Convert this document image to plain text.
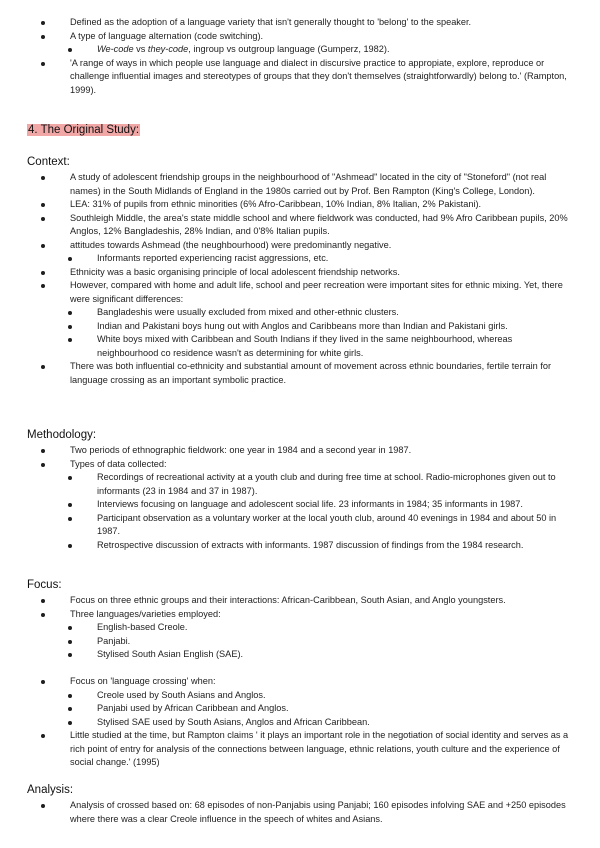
Defined as the adoption of a language variety that isn't generally thought to 'belong' to the speaker.
A type of language alternation (code switching).
We-code vs they-code, ingroup vs outgroup language (Gumperz, 1982).
'A range of ways in which people use language and dialect in discursive practice to appropiate, explore, reproduce or challenge influential images and stereotypes of groups that they don't themselves (straightforwardly) belong to.' (Rampton, 1999).
4. The Original Study:
Context:
A study of adolescent friendship groups in the neighbourhood of "Ashmead" located in the city of "Stoneford" (not real names) in the South Midlands of England in the 1980s carried out by Prof. Ben Rampton (King's College, London).
LEA: 31% of pupils from ethnic minorities (6% Afro-Caribbean, 10% Indian, 8% Italian, 2% Pakistani).
Southleigh Middle, the area's state middle school and where fieldwork was conducted, had 9% Afro Caribbean pupils, 20% Anglos, 12% Bangladeshis, 28% Indian, and 0'8% Italian pupils.
attitudes towards Ashmead (the neughbourhood) were predominantly negative.
Informants reported experiencing racist aggressions, etc.
Ethnicity was a basic organising principle of local adolescent friendship networks.
However, compared with home and adult life, school and peer recreation were important sites for ethnic mixing. Yet, there were significant differences:
Bangladeshis were usually excluded from mixed and other-ethnic clusters.
Indian and Pakistani boys hung out with Anglos and Caribbeans more than Indian and Pakistani girls.
White boys mixed with Caribbean and South Indians if they lived in the same neighbourhood, whereas neighbourhood co residence wasn't as determining for white girls.
There was both influential co-ethnicity and substantial amount of movement across ethnic boundaries, fertile terrain for language crossing as an important symbolic practice.
Methodology:
Two periods of ethnographic fieldwork: one year in 1984 and a second year in 1987.
Types of data collected:
Recordings of recreational activity at a youth club and during free time at school. Radio-microphones given out to informants (23 in 1984 and 37 in 1987).
Interviews focusing on language and adolescent social life. 23 informants in 1984; 35 informants in 1987.
Participant observation as a voluntary worker at the local youth club, around 40 evenings in 1984 and about 50 in 1987.
Retrospective discussion of extracts with informants. 1987 discussion of findings from the 1984 research.
Focus:
Focus on three ethnic groups and their interactions: African-Caribbean, South Asian, and Anglo youngsters.
Three languages/varieties employed:
English-based Creole.
Panjabi.
Stylised South Asian English (SAE).
Focus on 'language crossing' when:
Creole used by South Asians and Anglos.
Panjabi used by African Caribbean and Anglos.
Stylised SAE used by South Asians, Anglos and African Caribbean.
Little studied at the time, but Rampton claims ' it plays an important role in the negotiation of social identity and serves as a rich point of entry for analysis of the connections between language, ethnic relations, youth culture and the experience of social change.' (1995)
Analysis:
Analysis of crossed based on: 68 episodes of non-Panjabis using Panjabi; 160 episodes infolving SAE and +250 episodes where there was a clear Creole influence in the speech of whites and Asians.
